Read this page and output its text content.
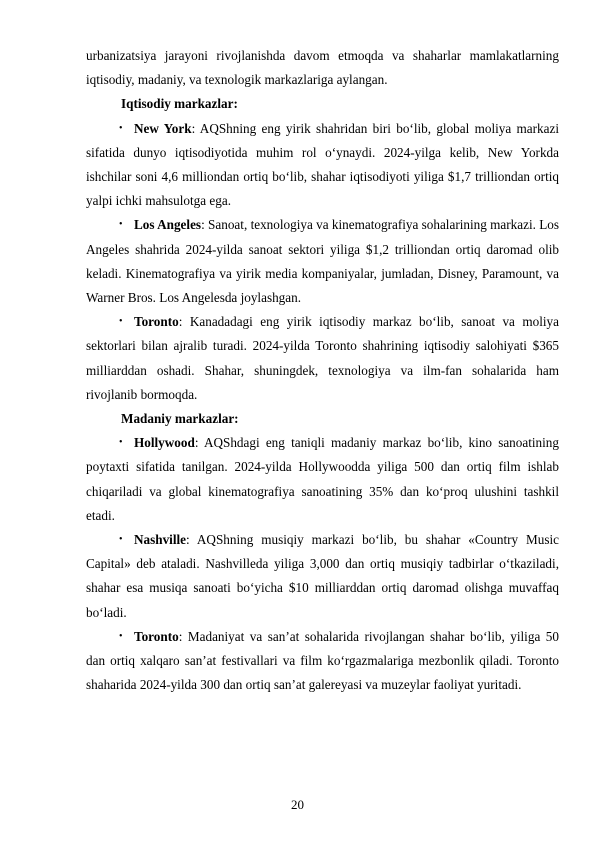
urbanizatsiya jarayoni rivojlanishda davom etmoqda va shaharlar mamlakatlarning iqtisodiy, madaniy, va texnologik markazlariga aylangan.

Iqtisodiy markazlar:

• New York: AQShning eng yirik shahridan biri bo‘lib, global moliya markazi sifatida dunyo iqtisodiyotida muhim rol o‘ynaydi. 2024-yilga kelib, New Yorkda ishchilar soni 4,6 milliondan ortiq bo‘lib, shahar iqtisodiyoti yiliga $1,7 trilliondan ortiq yalpi ichki mahsulotga ega.

• Los Angeles: Sanoat, texnologiya va kinematografiya sohalarining markazi. Los Angeles shahrida 2024-yilda sanoat sektori yiliga $1,2 trilliondan ortiq daromad olib keladi. Kinematografiya va yirik media kompaniyalar, jumladan, Disney, Paramount, va Warner Bros. Los Angelesda joylashgan.

• Toronto: Kanadadagi eng yirik iqtisodiy markaz bo‘lib, sanoat va moliya sektorlari bilan ajralib turadi. 2024-yilda Toronto shahrining iqtisodiy salohiyati $365 milliarddan oshadi. Shahar, shuningdek, texnologiya va ilm-fan sohalarida ham rivojlanib bormoqda.

Madaniy markazlar:

• Hollywood: AQShdagi eng taniqli madaniy markaz bo‘lib, kino sanoatining poytaxti sifatida tanilgan. 2024-yilda Hollywoodda yiliga 500 dan ortiq film ishlab chiqariladi va global kinematografiya sanoatining 35% dan ko‘proq ulushini tashkil etadi.

• Nashville: AQShning musiqiy markazi bo‘lib, bu shahar «Country Music Capital» deb ataladi. Nashvilleda yiliga 3,000 dan ortiq musiqiy tadbirlar o‘tkaziladi, shahar esa musiqa sanoati bo‘yicha $10 milliarddan ortiq daromad olishga muvaffaq bo‘ladi.

• Toronto: Madaniyat va san’at sohalarida rivojlangan shahar bo‘lib, yiliga 50 dan ortiq xalqaro san’at festivallari va film ko‘rgazmalariga mezbonlik qiladi. Toronto shaharida 2024-yilda 300 dan ortiq san’at galereyasi va muzeylar faoliyat yuritadi.

20
